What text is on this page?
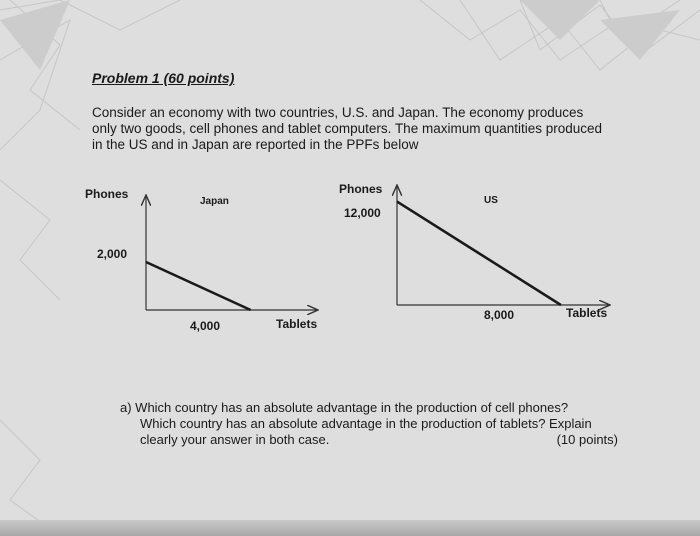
Problem 1 (60 points)
Consider an economy with two countries, U.S. and Japan. The economy produces
only two goods, cell phones and tablet computers. The maximum quantities produced
in the US and in Japan are reported in the PPFs below
Phones
Japan
2,000
4,000	Tablets
Phones
12,000
US
8,000	Tablets
a) Which country has an absolute advantage in the production of cell phones?
Which country has an absolute advantage in the production of tablets? Explain
clearly your answer in both case.	(10 points)
